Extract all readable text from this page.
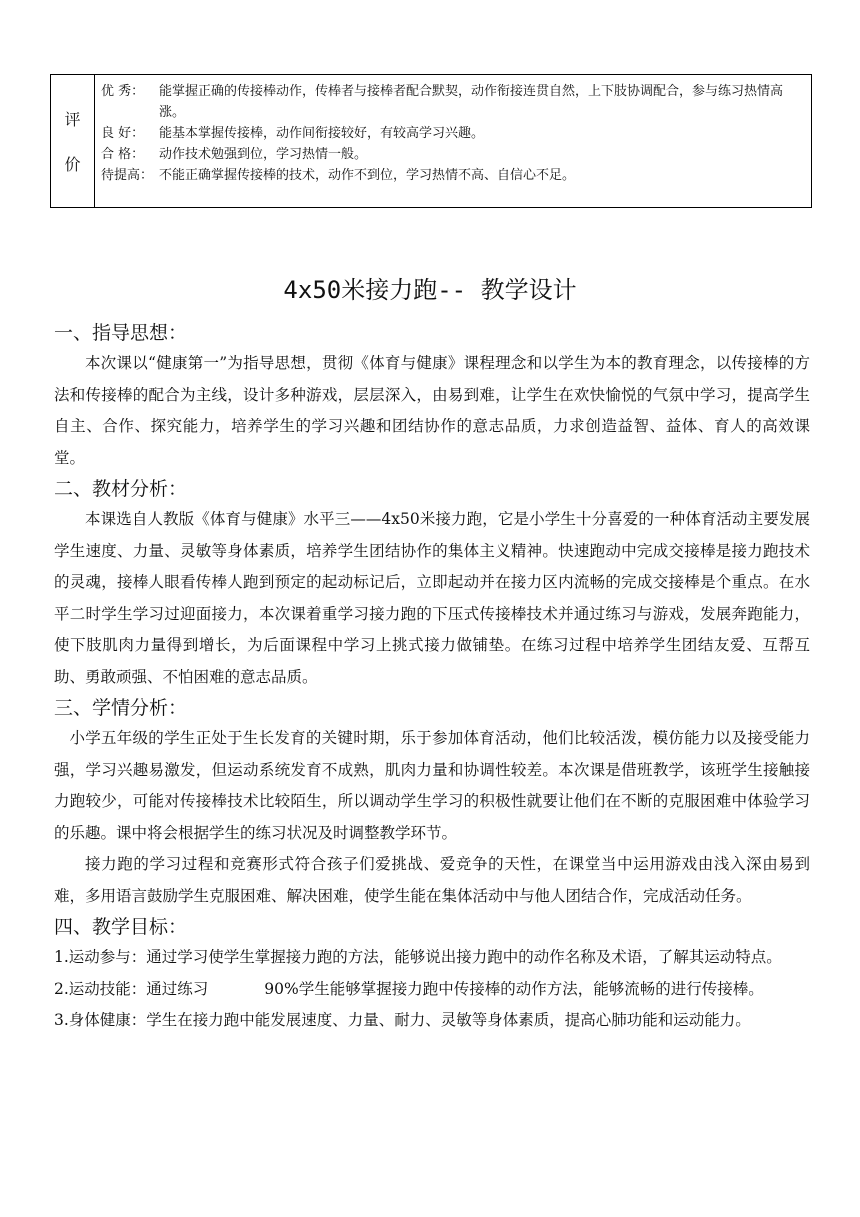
评
价
优 秀：	能掌握正确的传接棒动作，传棒者与接棒者配合默契，动作衔接连贯自然，上下肢协调配合，参与练习热情高涨。
良 好：	能基本掌握传接棒，动作间衔接较好，有较高学习兴趣。
合 格：	动作技术勉强到位，学习热情一般。
待提高： 不能正确掌握传接棒的技术，动作不到位，学习热情不高、自信心不足。
4x50米接力跑-- 教学设计
一、指导思想：

本次课以“健康第一”为指导思想，贯彻《体育与健康》课程理念和以学生为本的教育理念，以传接棒的方法和传接棒的配合为主线，设计多种游戏，层层深入，由易到难，让学生在欢快愉悦的气氛中学习，提高学生自主、合作、探究能力，培养学生的学习兴趣和团结协作的意志品质，力求创造益智、益体、育人的高效课堂。

二、教材分析：

本课选自人教版《体育与健康》水平三——4x50米接力跑，它是小学生十分喜爱的一种体育活动主要发展学生速度、力量、灵敏等身体素质，培养学生团结协作的集体主义精神。快速跑动中完成交接棒是接力跑技术的灵魂，接棒人眼看传棒人跑到预定的起动标记后，立即起动并在接力区内流畅的完成交接棒是个重点。在水平二时学生学习过迎面接力，本次课着重学习接力跑的下压式传接棒技术并通过练习与游戏，发展奔跑能力，使下肢肌肉力量得到增长，为后面课程中学习上挑式接力做铺垫。在练习过程中培养学生团结友爱、互帮互助、勇敢顽强、不怕困难的意志品质。

三、学情分析：

小学五年级的学生正处于生长发育的关键时期，乐于参加体育活动，他们比较活泼，模仿能力以及接受能力强，学习兴趣易激发，但运动系统发育不成熟，肌肉力量和协调性较差。本次课是借班教学，该班学生接触接力跑较少，可能对传接棒技术比较陌生，所以调动学生学习的积极性就要让他们在不断的克服困难中体验学习的乐趣。课中将会根据学生的练习状况及时调整教学环节。

接力跑的学习过程和竞赛形式符合孩子们爱挑战、爱竞争的天性，在课堂当中运用游戏由浅入深由易到难，多用语言鼓励学生克服困难、解决困难，使学生能在集体活动中与他人团结合作，完成活动任务。

四、教学目标：

1.运动参与：通过学习使学生掌握接力跑的方法，能够说出接力跑中的动作名称及术语，了解其运动特点。

2.运动技能：通过练习	90%学生能够掌握接力跑中传接棒的动作方法，能够流畅的进行传接棒。

3.身体健康：学生在接力跑中能发展速度、力量、耐力、灵敏等身体素质，提高心肺功能和运动能力。
